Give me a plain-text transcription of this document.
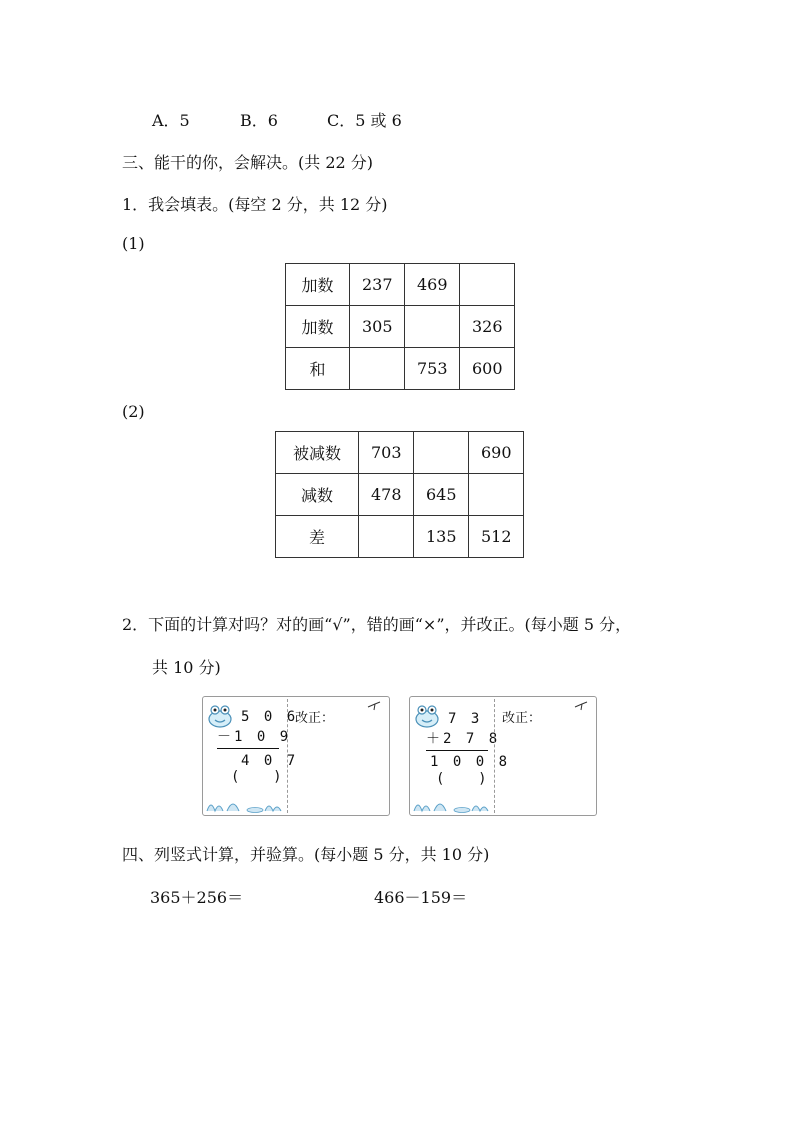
A．5	B．6	C．5 或 6
三、能干的你，会解决。(共 22 分)
1．我会填表。(每空 2 分，共 12 分)
(1)
加数	237	469	
加数	305		326
和		753	600
(2)
被减数	703		690
减数	478	645	
差		135	512
2．下面的计算对吗？对的画“√”，错的画“×”，并改正。(每小题 5 分，
共 10 分)
5 0 6
－1 0 9
4 0 7
(    )
改正：	7 3
＋2 7 8
1 0 0 8
(    )
改正：
四、列竖式计算，并验算。(每小题 5 分，共 10 分)
365＋256＝	466－159＝
